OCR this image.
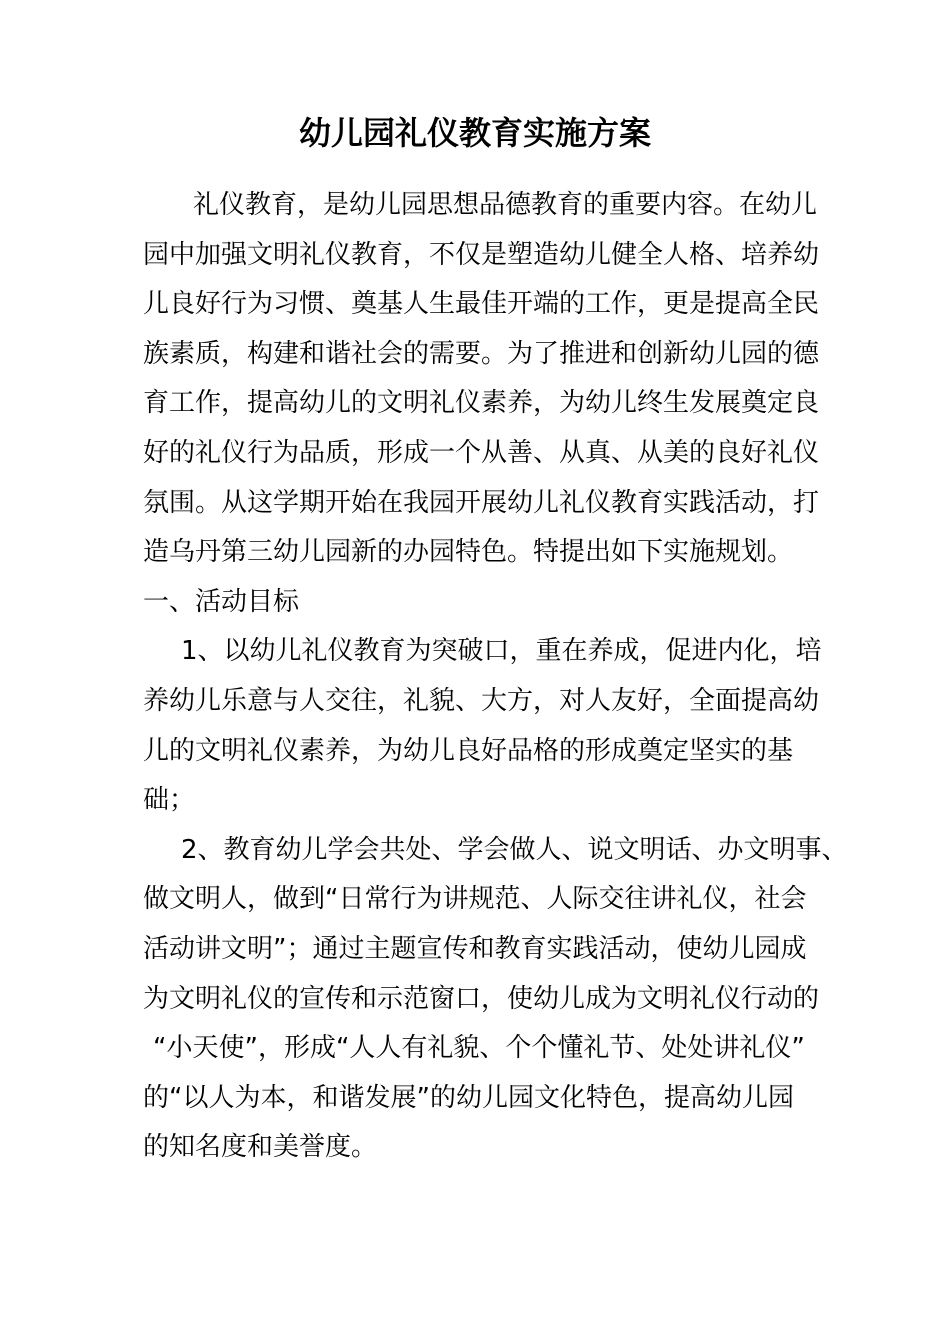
幼儿园礼仪教育实施方案
礼仪教育，是幼儿园思想品德教育的重要内容。在幼儿
园中加强文明礼仪教育，不仅是塑造幼儿健全人格、培养幼
儿良好行为习惯、奠基人生最佳开端的工作，更是提高全民
族素质，构建和谐社会的需要。为了推进和创新幼儿园的德
育工作，提高幼儿的文明礼仪素养，为幼儿终生发展奠定良
好的礼仪行为品质，形成一个从善、从真、从美的良好礼仪
氛围。从这学期开始在我园开展幼儿礼仪教育实践活动，打
造乌丹第三幼儿园新的办园特色。特提出如下实施规划。
一、活动目标
1、以幼儿礼仪教育为突破口，重在养成，促进内化，培
养幼儿乐意与人交往，礼貌、大方，对人友好，全面提高幼
儿的文明礼仪素养，为幼儿良好品格的形成奠定坚实的基
础；
2、教育幼儿学会共处、学会做人、说文明话、办文明事、
做文明人，做到“日常行为讲规范、人际交往讲礼仪，社会
活动讲文明”；通过主题宣传和教育实践活动，使幼儿园成
为文明礼仪的宣传和示范窗口，使幼儿成为文明礼仪行动的
“小天使”，形成“人人有礼貌、个个懂礼节、处处讲礼仪”
的“以人为本，和谐发展”的幼儿园文化特色，提高幼儿园
的知名度和美誉度。
